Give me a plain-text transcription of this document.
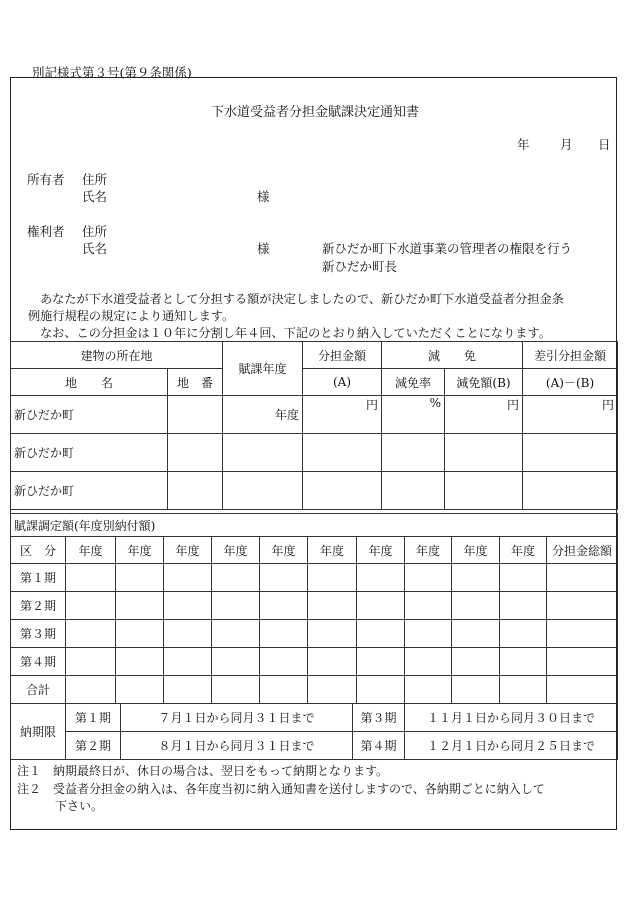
別記様式第３号(第９条関係)
下水道受益者分担金賦課決定通知書
年 月 日
所有者 住所
氏名	様
権利者 住所
氏名	様	新ひだか町下水道事業の管理者の権限を行う
新ひだか町長
あなたが下水道受益者として分担する額が決定しましたので、新ひだか町下水道受益者分担金条
例施行規程の規定により通知します。
なお、この分担金は１０年に分割し年４回、下記のとおり納入していただくことになります。
建物の所在地		賦課年度	分担金額	減　　免		差引分担金額
地　　名	地　番		(A)	減免率	減免額(B)	(A)－(B)
新ひだか町		年度	円	%	円	円
新ひだか町						
新ひだか町						
賦課調定額(年度別納付額)											
区　分	年度	年度	年度	年度	年度	年度	年度	年度	年度	年度	分担金総額
第１期											
第２期											
第３期											
第４期											
合計											
納期限	第１期	７月１日から同月３１日まで	第３期	１１月１日から同月３０日まで
	第２期	８月１日から同月３１日まで	第４期	１２月１日から同月２５日まで
注１　納期最終日が、休日の場合は、翌日をもって納期となります。
注２　受益者分担金の納入は、各年度当初に納入通知書を送付しますので、各納期ごとに納入して
下さい。
